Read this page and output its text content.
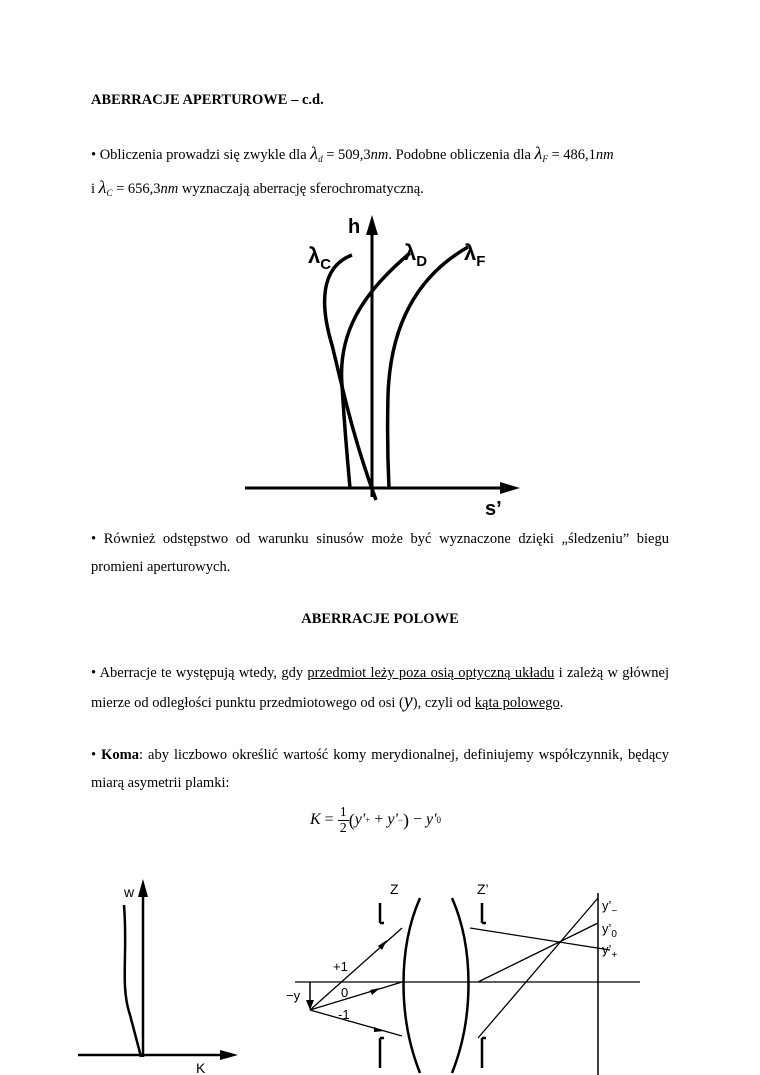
ABERRACJE APERTUROWE – c.d.
• Obliczenia prowadzi się zwykle dla $\lambda_d = 509,3nm$. Podobne obliczenia dla $\lambda_F = 486,1nm$
i $\lambda_C = 656,3nm$ wyznaczają aberrację sferochromatyczną.
h
s’
$\lambda_C$	$\lambda_D$ $\lambda_F$
• Również odstępstwo od warunku sinusów może być wyznaczone dzięki „śledzeniu” biegu promieni aperturowych.
ABERRACJE POLOWE
• Aberracje te występują wtedy, gdy przedmiot leży poza osią optyczną układu i zależą w głównej mierze od odległości punktu przedmiotowego od osi (y), czyli od kąta polowego.
• Koma: aby liczbowo określić wartość komy merydionalnej, definiujemy współczynnik, będący miarą asymetrii plamki:
$K = \frac{1}{2}$ ( y' + + y' − ) − y' 0
w
K
Z	Z’
+1
0
-1
−y
$y’_-$
$y’_0$
$y’_+$
